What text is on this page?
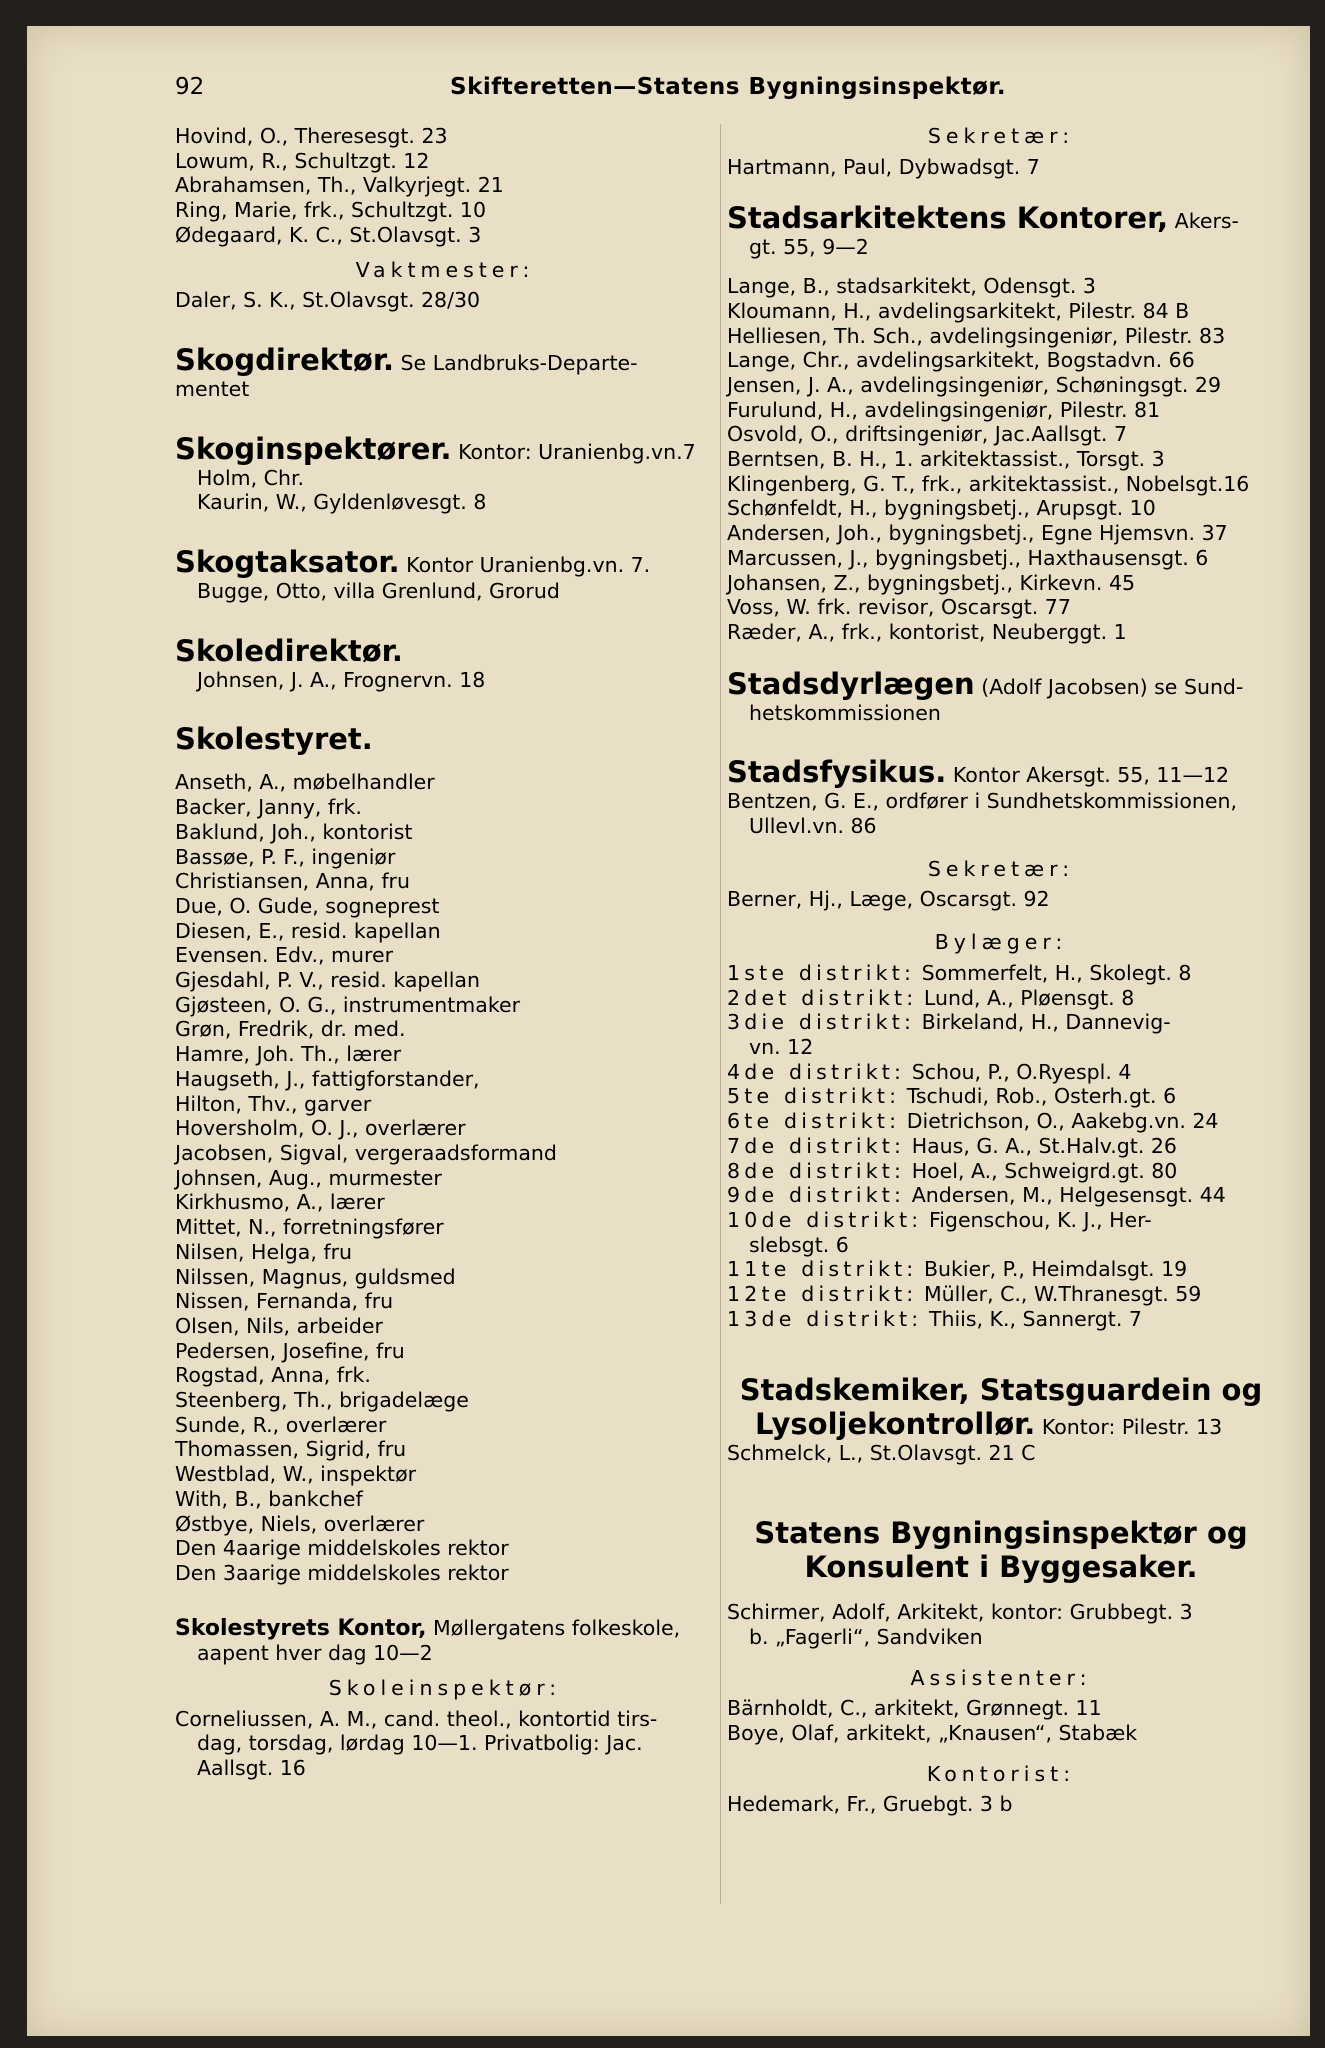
92	Skifteretten—Statens Bygningsinspektør.
Hovind, O., Theresesgt. 23
Lowum, R., Schultzgt. 12
Abrahamsen, Th., Valkyrjegt. 21
Ring, Marie, frk., Schultzgt. 10
Ødegaard, K. C., St.Olavsgt. 3
Vaktmester:
Daler, S. K., St.Olavsgt. 28/30
Skogdirektør. Se Landbruks-Departe-
mentet
Skoginspektører. Kontor: Uranienbg.vn.7
Holm, Chr.
Kaurin, W., Gyldenløvesgt. 8
Skogtaksator. Kontor Uranienbg.vn. 7.
Bugge, Otto, villa Grenlund, Grorud
Skoledirektør.
Johnsen, J. A., Frognervn. 18
Skolestyret.
Anseth, A., møbelhandler
Backer, Janny, frk.
Baklund, Joh., kontorist
Bassøe, P. F., ingeniør
Christiansen, Anna, fru
Due, O. Gude, sogneprest
Diesen, E., resid. kapellan
Evensen. Edv., murer
Gjesdahl, P. V., resid. kapellan
Gjøsteen, O. G., instrumentmaker
Grøn, Fredrik, dr. med.
Hamre, Joh. Th., lærer
Haugseth, J., fattigforstander,
Hilton, Thv., garver
Hoversholm, O. J., overlærer
Jacobsen, Sigval, vergeraadsformand
Johnsen, Aug., murmester
Kirkhusmo, A., lærer
Mittet, N., forretningsfører
Nilsen, Helga, fru
Nilssen, Magnus, guldsmed
Nissen, Fernanda, fru
Olsen, Nils, arbeider
Pedersen, Josefine, fru
Rogstad, Anna, frk.
Steenberg, Th., brigadelæge
Sunde, R., overlærer
Thomassen, Sigrid, fru
Westblad, W., inspektør
With, B., bankchef
Østbye, Niels, overlærer
Den 4aarige middelskoles rektor
Den 3aarige middelskoles rektor
Skolestyrets Kontor, Møllergatens folkeskole,
aapent hver dag 10—2
Skoleinspektør:
Corneliussen, A. M., cand. theol., kontortid tirs-
dag, torsdag, lørdag 10—1. Privatbolig: Jac.
Aallsgt. 16
Sekretær:
Hartmann, Paul, Dybwadsgt. 7
Stadsarkitektens Kontorer, Akers-
gt. 55, 9—2
Lange, B., stadsarkitekt, Odensgt. 3
Kloumann, H., avdelingsarkitekt, Pilestr. 84 B
Helliesen, Th. Sch., avdelingsingeniør, Pilestr. 83
Lange, Chr., avdelingsarkitekt, Bogstadvn. 66
Jensen, J. A., avdelingsingeniør, Schøningsgt. 29
Furulund, H., avdelingsingeniør, Pilestr. 81
Osvold, O., driftsingeniør, Jac.Aallsgt. 7
Berntsen, B. H., 1. arkitektassist., Torsgt. 3
Klingenberg, G. T., frk., arkitektassist., Nobelsgt.16
Schønfeldt, H., bygningsbetj., Arupsgt. 10
Andersen, Joh., bygningsbetj., Egne Hjemsvn. 37
Marcussen, J., bygningsbetj., Haxthausensgt. 6
Johansen, Z., bygningsbetj., Kirkevn. 45
Voss, W. frk. revisor, Oscarsgt. 77
Ræder, A., frk., kontorist, Neuberggt. 1
Stadsdyrlægen (Adolf Jacobsen) se Sund-
hetskommissionen
Stadsfysikus. Kontor Akersgt. 55, 11—12
Bentzen, G. E., ordfører i Sundhetskommissionen,
Ullevl.vn. 86
Sekretær:
Berner, Hj., Læge, Oscarsgt. 92
Bylæger:
1ste distrikt: Sommerfelt, H., Skolegt. 8
2det distrikt: Lund, A., Pløensgt. 8
3die distrikt: Birkeland, H., Dannevig-
vn. 12
4de distrikt: Schou, P., O.Ryespl. 4
5te distrikt: Tschudi, Rob., Osterh.gt. 6
6te distrikt: Dietrichson, O., Aakebg.vn. 24
7de distrikt: Haus, G. A., St.Halv.gt. 26
8de distrikt: Hoel, A., Schweigrd.gt. 80
9de distrikt: Andersen, M., Helgesensgt. 44
10de distrikt: Figenschou, K. J., Her-
slebsgt. 6
11te distrikt: Bukier, P., Heimdalsgt. 19
12te distrikt: Müller, C., W.Thranesgt. 59
13de distrikt: Thiis, K., Sannergt. 7
Stadskemiker, Statsguardein og
Lysoljekontrollør. Kontor: Pilestr. 13
Schmelck, L., St.Olavsgt. 21 C
Statens Bygningsinspektør og
Konsulent i Byggesaker.
Schirmer, Adolf, Arkitekt, kontor: Grubbegt. 3
b. „Fagerli“, Sandviken
Assistenter:
Bärnholdt, C., arkitekt, Grønnegt. 11
Boye, Olaf, arkitekt, „Knausen“, Stabæk
Kontorist:
Hedemark, Fr., Gruebgt. 3 b
